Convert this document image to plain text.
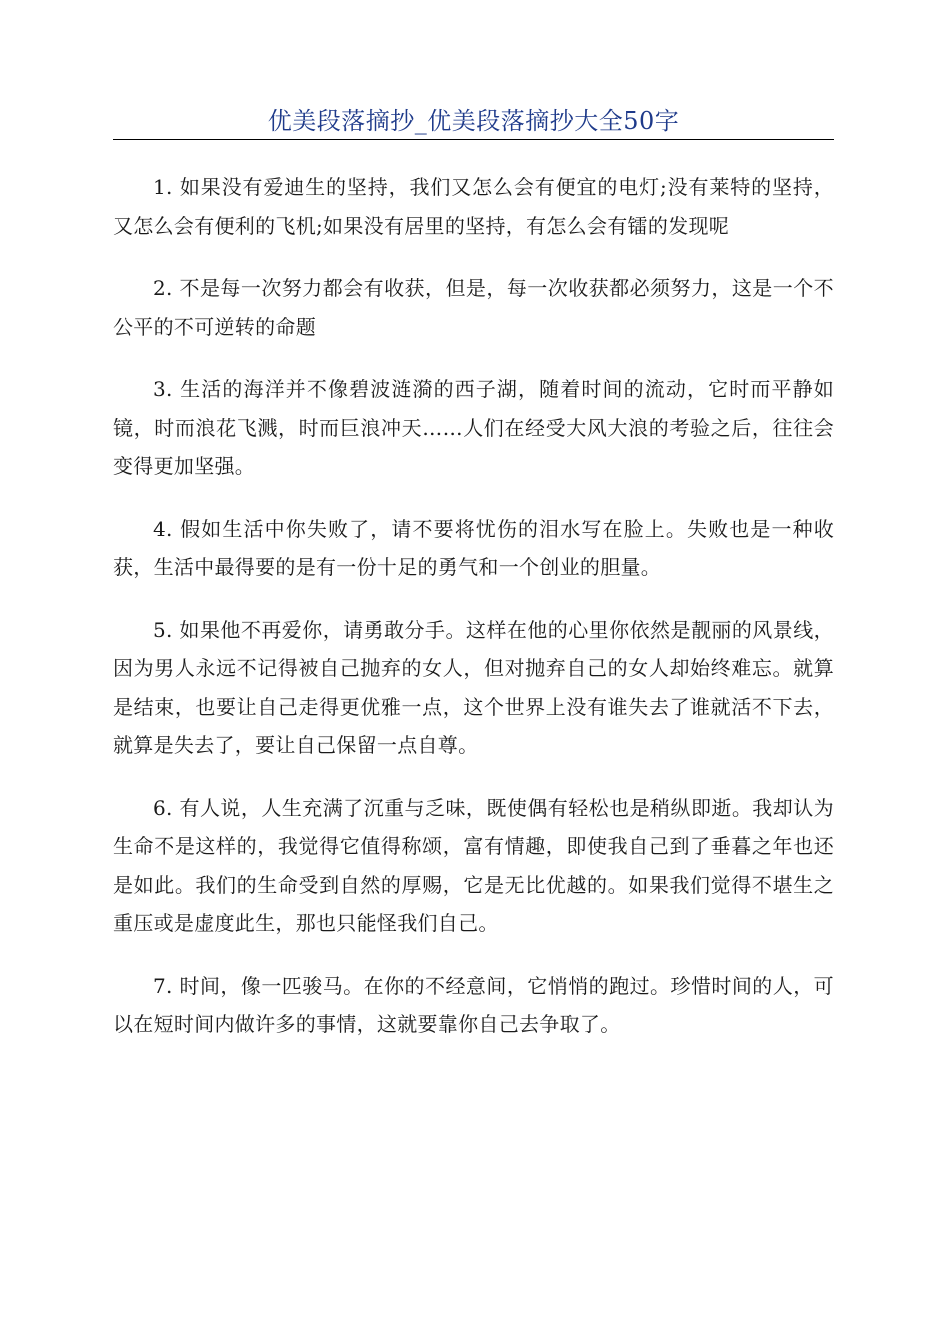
优美段落摘抄_优美段落摘抄大全50字

1. 如果没有爱迪生的坚持，我们又怎么会有便宜的电灯;没有莱特的坚持，又怎么会有便利的飞机;如果没有居里的坚持，有怎么会有镭的发现呢

2. 不是每一次努力都会有收获，但是，每一次收获都必须努力，这是一个不公平的不可逆转的命题

3. 生活的海洋并不像碧波涟漪的西子湖，随着时间的流动，它时而平静如镜，时而浪花飞溅，时而巨浪冲天……人们在经受大风大浪的考验之后，往往会变得更加坚强。

4. 假如生活中你失败了，请不要将忧伤的泪水写在脸上。失败也是一种收获，生活中最得要的是有一份十足的勇气和一个创业的胆量。

5. 如果他不再爱你，请勇敢分手。这样在他的心里你依然是靓丽的风景线，因为男人永远不记得被自己抛弃的女人，但对抛弃自己的女人却始终难忘。就算是结束，也要让自己走得更优雅一点，这个世界上没有谁失去了谁就活不下去，就算是失去了，要让自己保留一点自尊。

6. 有人说，人生充满了沉重与乏味，既使偶有轻松也是稍纵即逝。我却认为生命不是这样的，我觉得它值得称颂，富有情趣，即使我自己到了垂暮之年也还是如此。我们的生命受到自然的厚赐，它是无比优越的。如果我们觉得不堪生之重压或是虚度此生，那也只能怪我们自己。

7. 时间，像一匹骏马。在你的不经意间，它悄悄的跑过。珍惜时间的人，可以在短时间内做许多的事情，这就要靠你自己去争取了。
